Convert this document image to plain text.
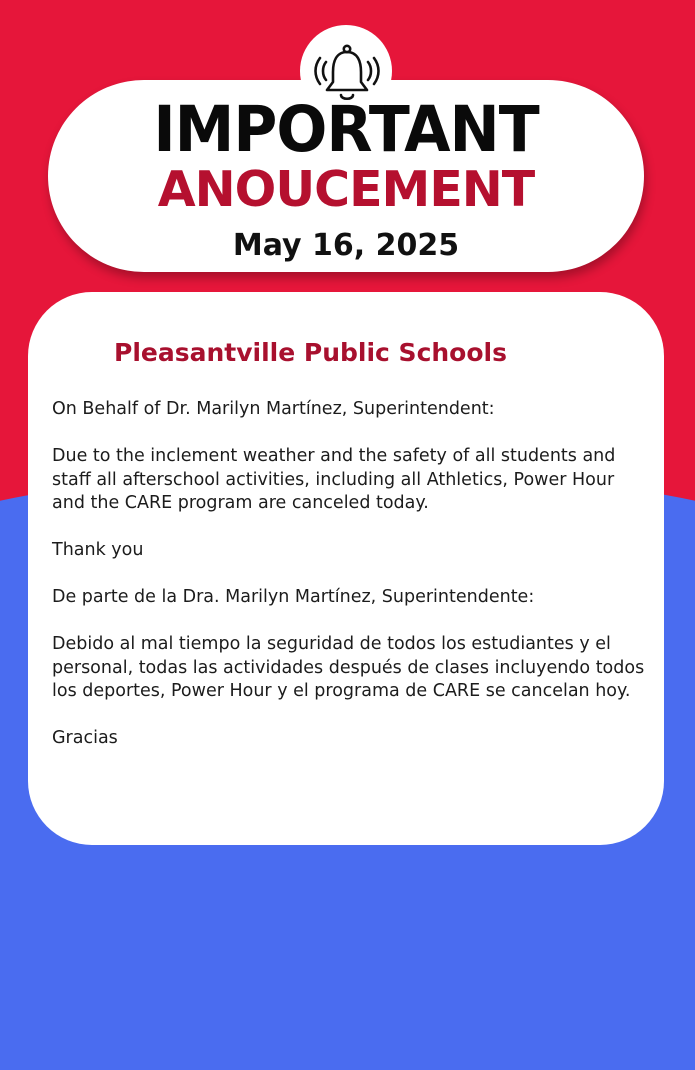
IMPORTANT
ANOUCEMENT
May 16, 2025
Pleasantville Public Schools

On Behalf of Dr. Marilyn Martínez, Superintendent:

Due to the inclement weather and the safety of all students and staff all afterschool activities, including all Athletics, Power Hour and the CARE program are canceled today.

Thank you

De parte de la Dra. Marilyn Martínez, Superintendente:

Debido al mal tiempo la seguridad de todos los estudiantes y el personal, todas las actividades después de clases incluyendo todos los deportes, Power Hour y el programa de CARE se cancelan hoy.

Gracias
